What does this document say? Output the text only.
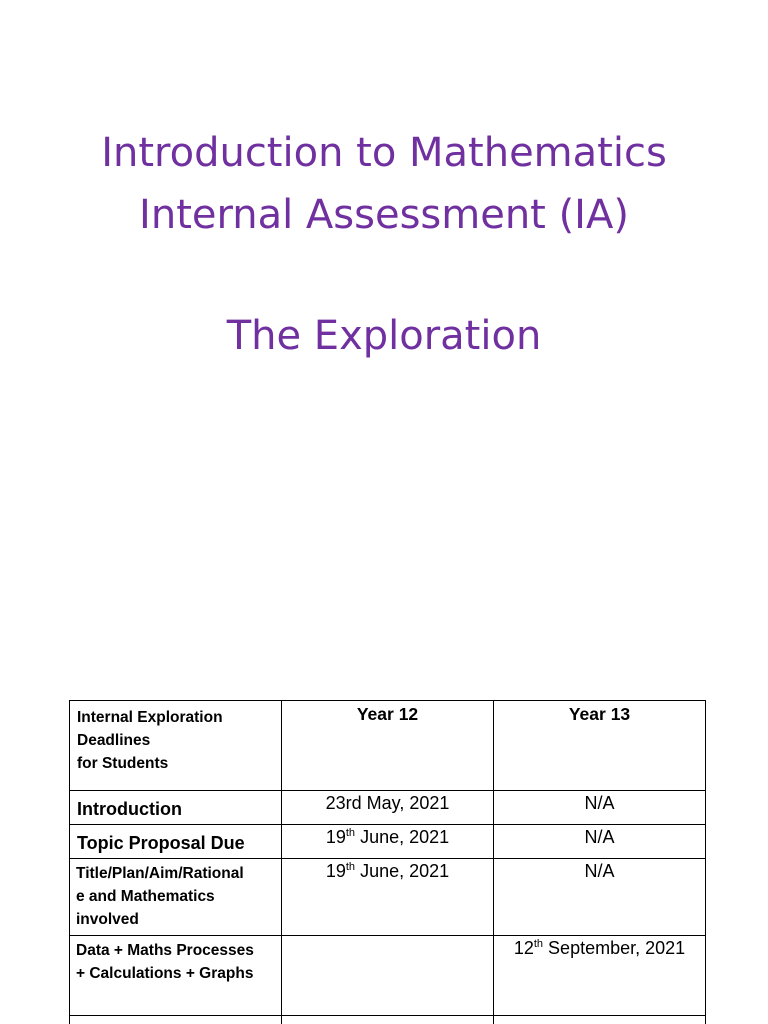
Introduction to Mathematics
Internal Assessment (IA)
The Exploration
Internal Exploration
Deadlines
for Students	Year 12	Year 13
Introduction	23rd May, 2021	N/A
Topic Proposal Due	19th June, 2021	N/A
Title/Plan/Aim/Rational
e and Mathematics
involved	19th June, 2021	N/A
Data + Maths Processes
+ Calculations + Graphs		12th September, 2021
